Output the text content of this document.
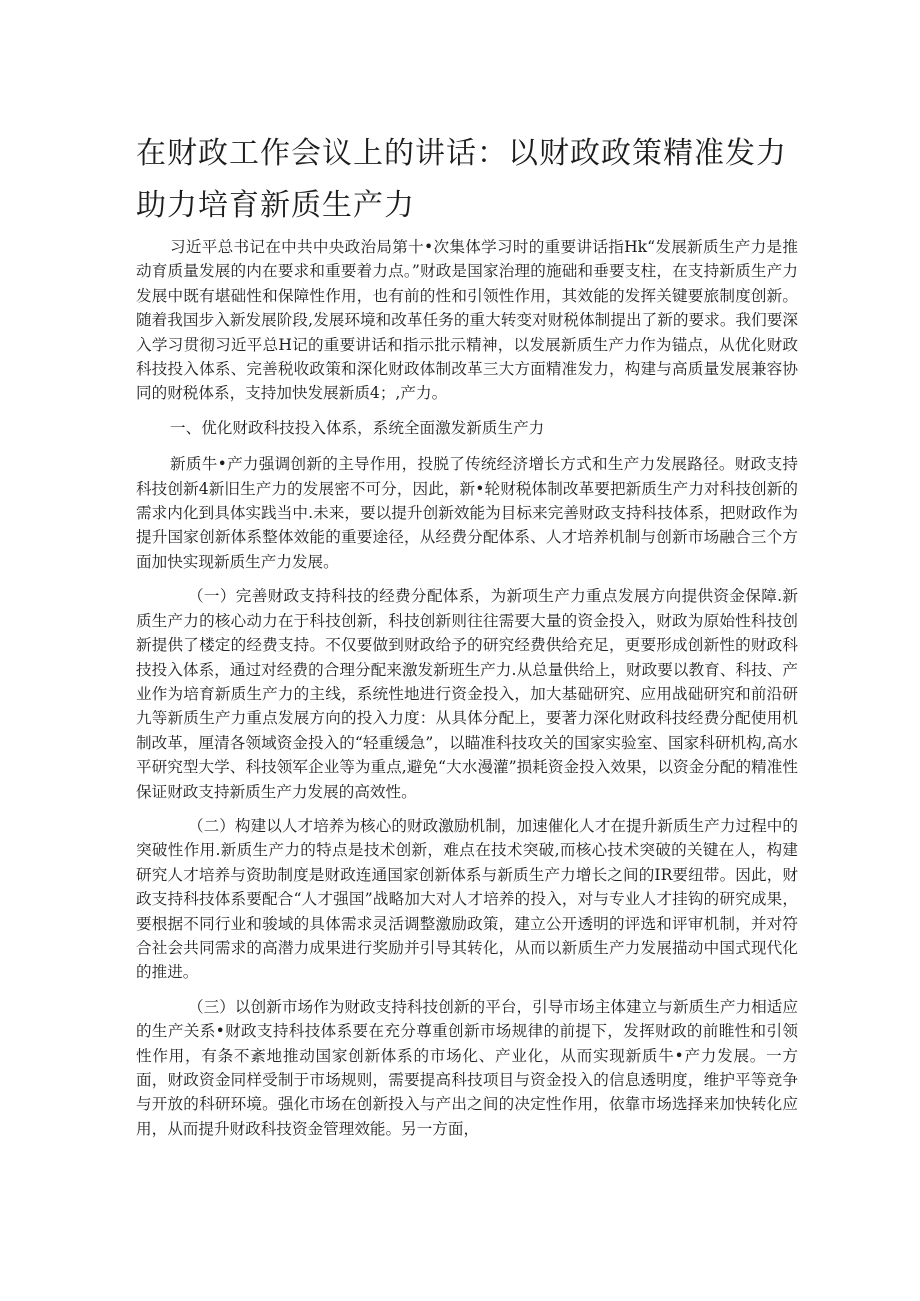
在财政工作会议上的讲话：以财政政策精准发力助力培育新质生产力

习近平总书记在中共中央政治局第十•次集体学习时的重要讲话指Hk“发展新质生产力是推动育质量发展的内在要求和重要着力点。”财政是国家治理的施础和垂要支柱，在支持新质生产力发展中既有堪础性和保障性作用，也有前的性和引领性作用，其效能的发挥关键要旅制度创新。随着我国步入新发展阶段,发展环境和改革任务的重大转变对财税体制提出了新的要求。我们要深入学习贯彻习近平总H记的重要讲话和指示批示精神，以发展新质生产力作为锚点，从优化财政科技投入体系、完善税收政策和深化财政体制改革三大方面精准发力，构建与高质量发展兼容协同的财税体系，支持加快发展新质4；,产力。

一、优化财政科技投入体系，系统全面激发新质生产力

新质牛•产力强调创新的主导作用，投脱了传统经济增长方式和生产力发展路径。财政支持科技创新4新旧生产力的发展密不可分，因此，新•轮财税体制改革要把新质生产力对科技创新的需求内化到具体实践当中.未来，要以提升创新效能为目标来完善财政支持科技体系，把财政作为提升国家创新体系整体效能的重要途径，从经费分配体系、人才培养机制与创新市场融合三个方面加快实现新质生产力发展。

（一）完善财政支持科技的经费分配体系，为新项生产力重点发展方向提供资金保障.新质生产力的核心动力在于科技创新，科技创新则往往需要大量的资金投入，财政为原始性科技创新提供了楼定的经费支持。不仅要做到财政给予的研究经费供给充足，更要形成创新性的财政科技投入体系，通过对经费的合理分配来激发新班生产力.从总量供给上，财政要以教育、科技、产业作为培育新质生产力的主线，系统性地进行资金投入，加大基础研究、应用战础研究和前沿研九等新质生产力重点发展方向的投入力度：从具体分配上，要著力深化财政科技经费分配使用机制改革，厘清各领域资金投入的“轻重缓急”，以瞄准科技攻关的国家实验室、国家科研机构,高水平研究型大学、科技领军企业等为重点,避免“大水漫灌”损耗资金投入效果，以资金分配的精准性保证财政支持新质生产力发展的高效性。

（二）构建以人才培养为核心的财政激励机制，加速催化人才在提升新质生产力过程中的突破性作用.新质生产力的特点是技术创新，难点在技术突破,而核心技术突破的关键在人，构建研究人才培养与资助制度是财政连通国家创新体系与新质生产力增长之间的IR要纽带。因此，财政支持科技体系要配合“人才强国”战略加大对人才培养的投入，对与专业人才挂钩的研究成果，要根据不同行业和骏域的具体需求灵活调整激励政策，建立公开透明的评选和评审机制，并对符合社会共同需求的高潜力成果进行奖励并引导其转化，从而以新质生产力发展描动中国式现代化的推进。

（三）以创新市场作为财政支持科技创新的平台，引导市场主体建立与新质生产力相适应的生产关系•财政支持科技体系要在充分尊重创新市场规律的前提下，发挥财政的前睢性和引领性作用，有条不紊地推动国家创新体系的市场化、产业化，从而实现新质牛•产力发展。一方面，财政资金同样受制于市场规则，需要提高科技项目与资金投入的信息透明度，维护平等竞争与开放的科研环境。强化市场在创新投入与产出之间的决定性作用，依靠市场选择来加快转化应用，从而提升财政科技资金管理效能。另一方面，
